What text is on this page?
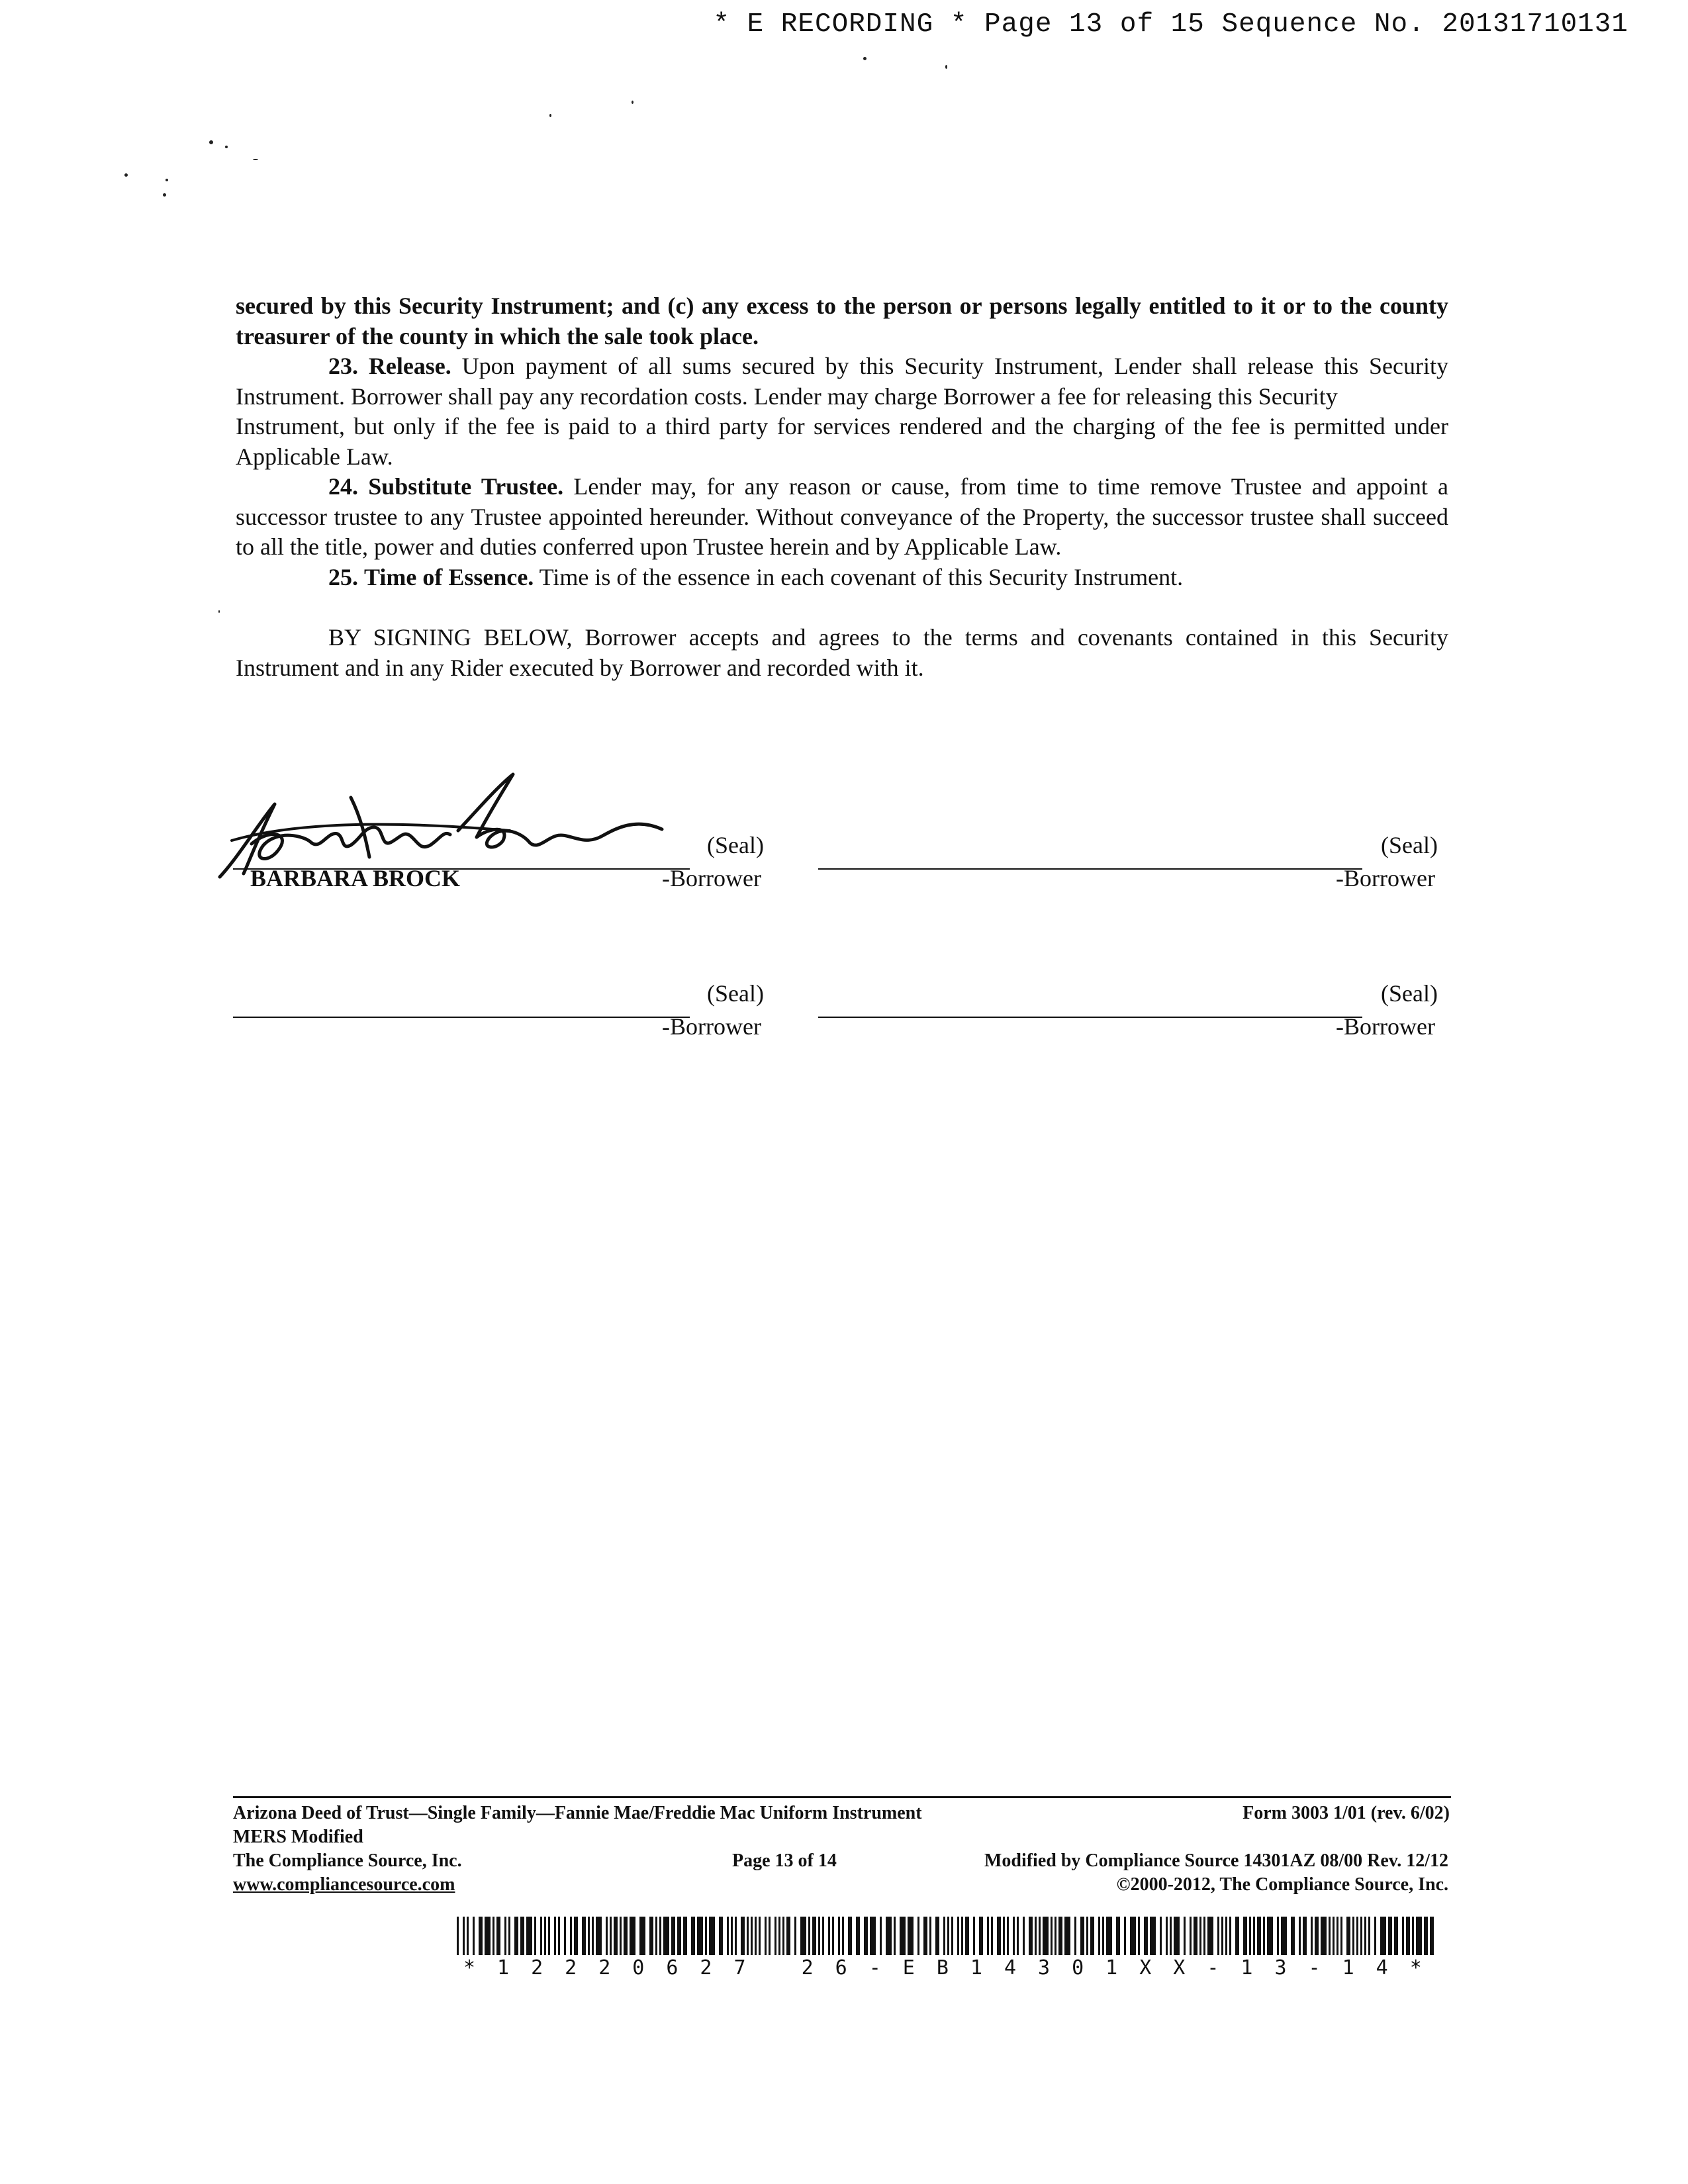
* E RECORDING * Page 13 of 15 Sequence No. 20131710131

secured by this Security Instrument; and (c) any excess to the person or persons legally entitled to it or to the county treasurer of the county in which the sale took place.

23. Release. Upon payment of all sums secured by this Security Instrument, Lender shall release this Security Instrument. Borrower shall pay any recordation costs. Lender may charge Borrower a fee for releasing this Security

Instrument, but only if the fee is paid to a third party for services rendered and the charging of the fee is permitted under Applicable Law.

24. Substitute Trustee. Lender may, for any reason or cause, from time to time remove Trustee and appoint a successor trustee to any Trustee appointed hereunder. Without conveyance of the Property, the successor trustee shall succeed to all the title, power and duties conferred upon Trustee herein and by Applicable Law.

25. Time of Essence. Time is of the essence in each covenant of this Security Instrument.

BY SIGNING BELOW, Borrower accepts and agrees to the terms and covenants contained in this Security Instrument and in any Rider executed by Borrower and recorded with it.

(Seal)
-Borrower
BARBARA BROCK
(Seal)
-Borrower
(Seal)
-Borrower
(Seal)
-Borrower
Arizona Deed of Trust—Single Family—Fannie Mae/Freddie Mac Uniform Instrument	Form 3003 1/01 (rev. 6/02)
MERS Modified
The Compliance Source, Inc.	Page 13 of 14	Modified by Compliance Source 14301AZ 08/00 Rev. 12/12
www.compliancesource.com	©2000-2012, The Compliance Source, Inc.
*12220627 26-EB14301XX-13-14*
